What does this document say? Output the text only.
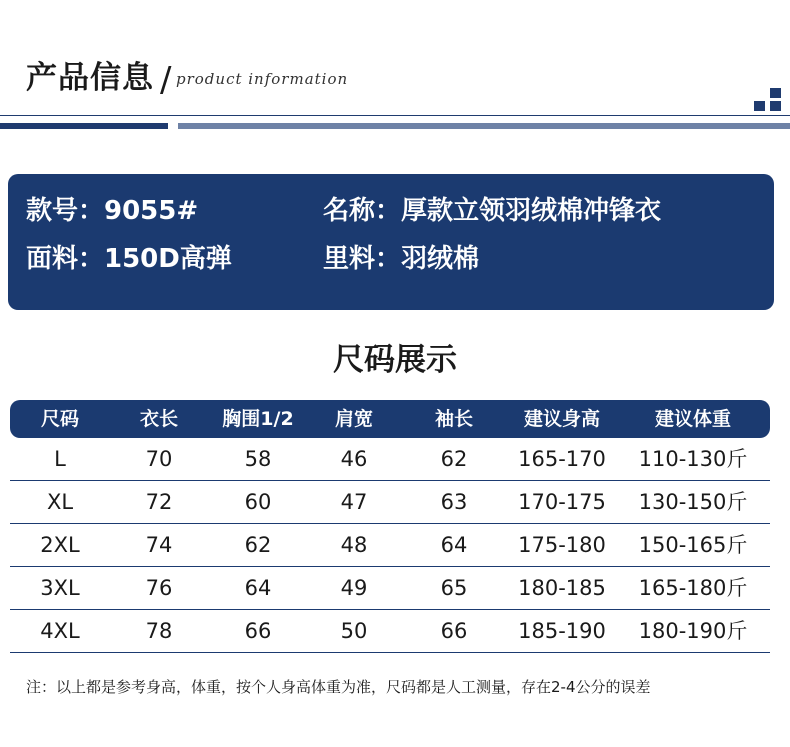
产品信息 / product information
款号：9055#	名称：厚款立领羽绒棉冲锋衣
面料：150D高弹	里料：羽绒棉
尺码展示
尺码	衣长	胸围1/2	肩宽	袖长	建议身高	建议体重
L	70	58	46	62	165-170	110-130斤
XL	72	60	47	63	170-175	130-150斤
2XL	74	62	48	64	175-180	150-165斤
3XL	76	64	49	65	180-185	165-180斤
4XL	78	66	50	66	185-190	180-190斤
注：以上都是参考身高，体重，按个人身高体重为准，尺码都是人工测量，存在2-4公分的误差
